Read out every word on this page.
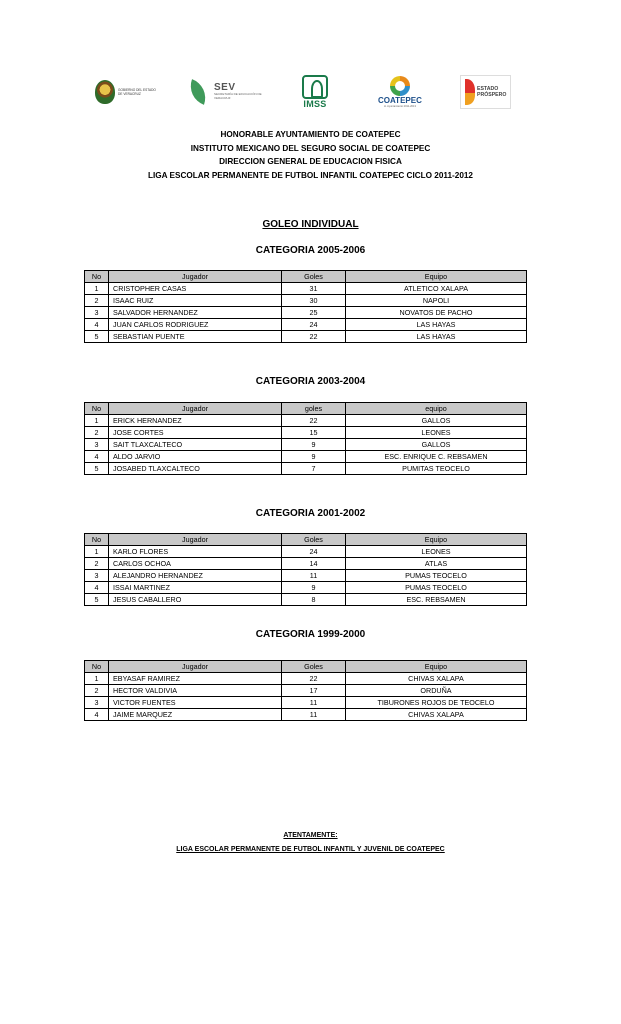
GOBIERNO DEL ESTADO DE VERACRUZ
SEV
SECRETARÍA DE EDUCACIÓN DE VERACRUZ
IMSS	COATEPEC
H. Ayuntamiento 2011-2013
ESTADO
PRÓSPERO
HONORABLE AYUNTAMIENTO DE COATEPEC
INSTITUTO MEXICANO DEL SEGURO SOCIAL DE COATEPEC
DIRECCION GENERAL DE EDUCACION FISICA
LIGA ESCOLAR PERMANENTE DE FUTBOL INFANTIL COATEPEC CICLO 2011-2012
GOLEO INDIVIDUAL
CATEGORIA 2005-2006
No	Jugador	Goles	Equipo
1	CRISTOPHER CASAS	31	ATLETICO XALAPA
2	ISAAC RUIZ	30	NAPOLI
3	SALVADOR HERNANDEZ	25	NOVATOS DE PACHO
4	JUAN CARLOS RODRIGUEZ	24	LAS HAYAS
5	SEBASTIAN PUENTE	22	LAS HAYAS
CATEGORIA 2003-2004
No	Jugador	goles	equipo
1	ERICK HERNANDEZ	22	GALLOS
2	JOSE CORTES	15	LEONES
3	SAIT TLAXCALTECO	9	GALLOS
4	ALDO JARVIO	9	ESC. ENRIQUE C. REBSAMEN
5	JOSABED TLAXCALTECO	7	PUMITAS TEOCELO
CATEGORIA 2001-2002
No	Jugador	Goles	Equipo
1	KARLO FLORES	24	LEONES
2	CARLOS OCHOA	14	ATLAS
3	ALEJANDRO HERNANDEZ	11	PUMAS TEOCELO
4	ISSAI MARTINEZ	9	PUMAS TEOCELO
5	JESUS CABALLERO	8	ESC. REBSAMEN
CATEGORIA 1999-2000
No	Jugador	Goles	Equipo
1	EBYASAF RAMIREZ	22	CHIVAS XALAPA
2	HECTOR VALDIVIA	17	ORDUÑA
3	VICTOR FUENTES	11	TIBURONES ROJOS DE TEOCELO
4	JAIME MARQUEZ	11	CHIVAS XALAPA
ATENTAMENTE:
LIGA ESCOLAR PERMANENTE DE FUTBOL INFANTIL Y JUVENIL DE COATEPEC
